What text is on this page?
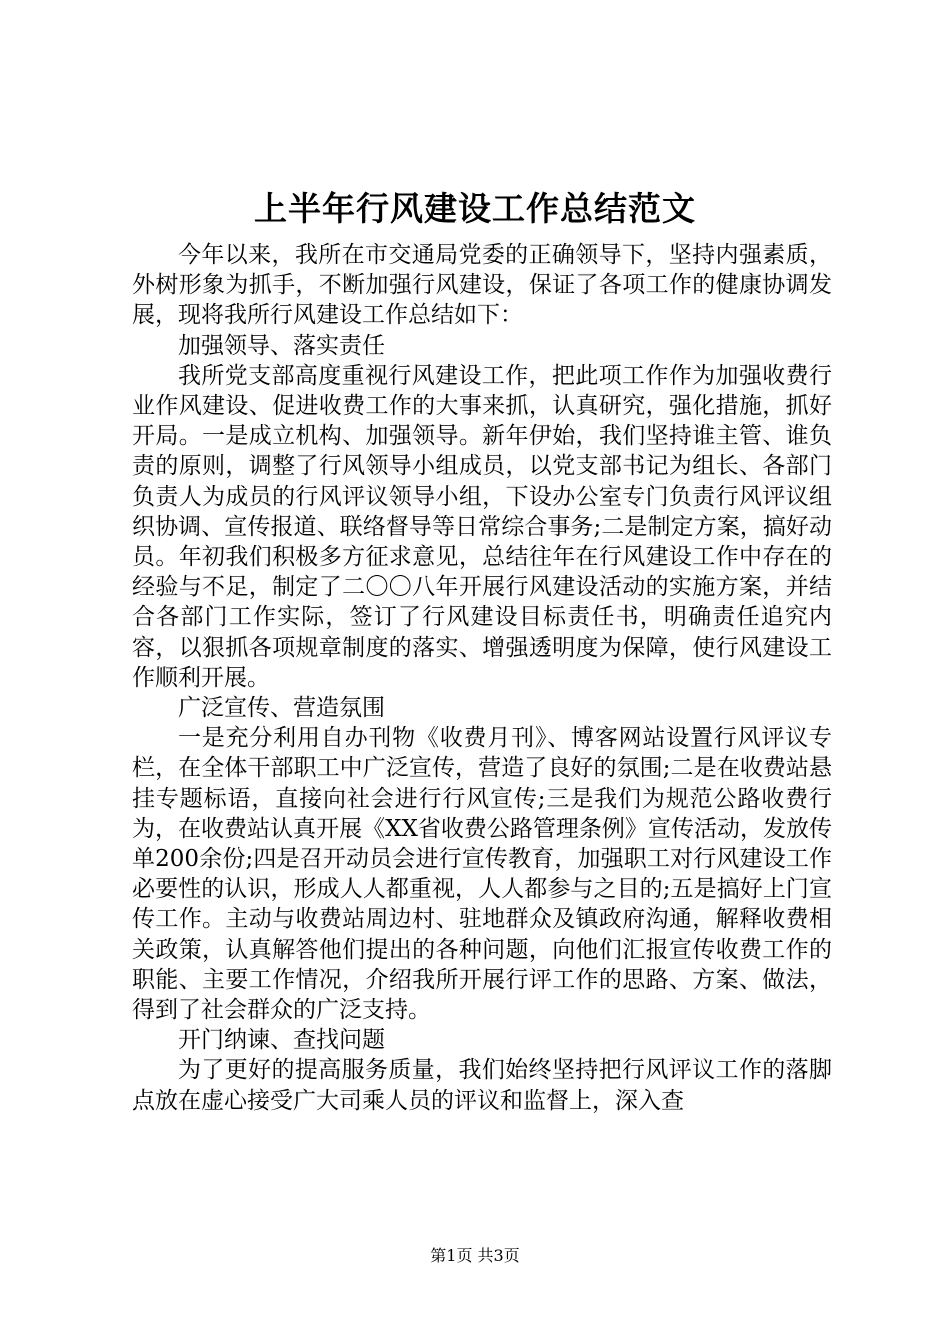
上半年行风建设工作总结范文

今年以来，我所在市交通局党委的正确领导下，坚持内强素质，外树形象为抓手，不断加强行风建设，保证了各项工作的健康协调发展，现将我所行风建设工作总结如下：

加强领导、落实责任

我所党支部高度重视行风建设工作，把此项工作作为加强收费行业作风建设、促进收费工作的大事来抓，认真研究，强化措施，抓好开局。一是成立机构、加强领导。新年伊始，我们坚持谁主管、谁负责的原则，调整了行风领导小组成员，以党支部书记为组长、各部门负责人为成员的行风评议领导小组，下设办公室专门负责行风评议组织协调、宣传报道、联络督导等日常综合事务;二是制定方案，搞好动员。年初我们积极多方征求意见，总结往年在行风建设工作中存在的经验与不足，制定了二〇〇八年开展行风建设活动的实施方案，并结合各部门工作实际，签订了行风建设目标责任书，明确责任追究内容，以狠抓各项规章制度的落实、增强透明度为保障，使行风建设工作顺利开展。

广泛宣传、营造氛围

一是充分利用自办刊物《收费月刊》、博客网站设置行风评议专栏，在全体干部职工中广泛宣传，营造了良好的氛围;二是在收费站悬挂专题标语，直接向社会进行行风宣传;三是我们为规范公路收费行为，在收费站认真开展《XX省收费公路管理条例》宣传活动，发放传单200余份;四是召开动员会进行宣传教育，加强职工对行风建设工作必要性的认识，形成人人都重视，人人都参与之目的;五是搞好上门宣传工作。主动与收费站周边村、驻地群众及镇政府沟通，解释收费相关政策，认真解答他们提出的各种问题，向他们汇报宣传收费工作的职能、主要工作情况，介绍我所开展行评工作的思路、方案、做法，得到了社会群众的广泛支持。

开门纳谏、查找问题

为了更好的提高服务质量，我们始终坚持把行风评议工作的落脚点放在虚心接受广大司乘人员的评议和监督上，深入查

第1页 共3页
